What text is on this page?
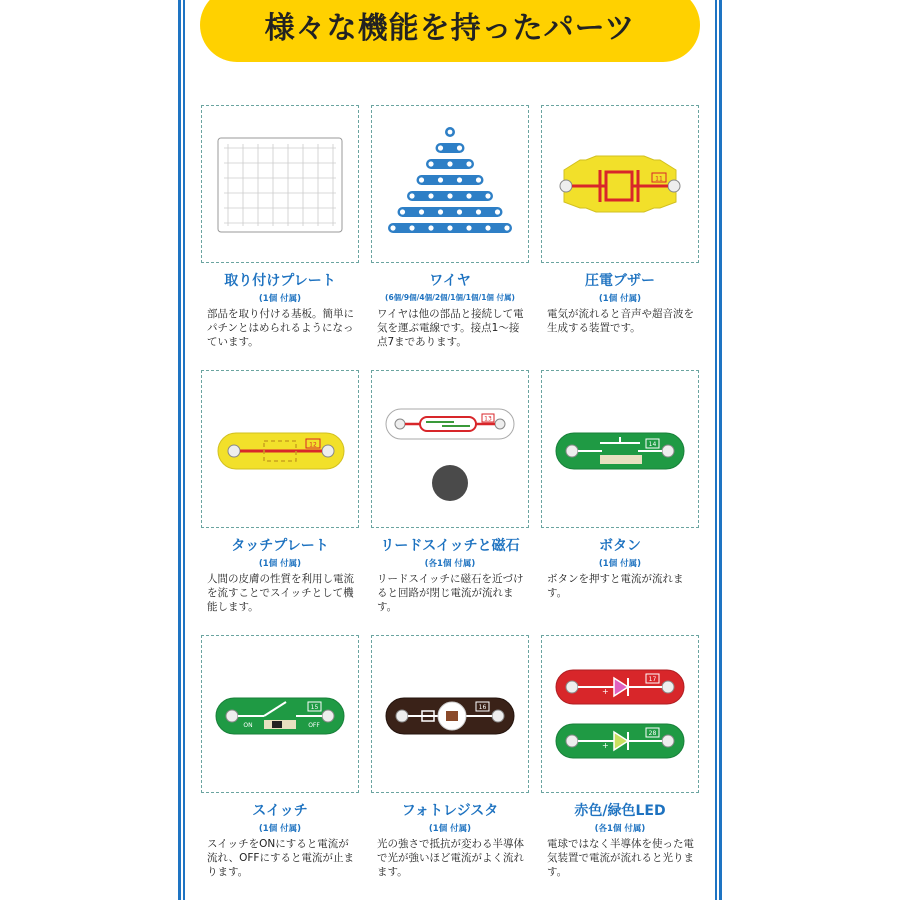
様々な機能を持ったパーツ
取り付けプレート
(1個 付属)
部品を取り付ける基板。簡単にパチンとはめられるようになっています。
ワイヤ
(6個/9個/4個/2個/1個/1個/1個 付属)
ワイヤは他の部品と接続して電気を運ぶ電線です。接点1〜接点7まであります。
11
圧電ブザー
(1個 付属)
電気が流れると音声や超音波を生成する装置です。
12
タッチプレート
(1個 付属)
人間の皮膚の性質を利用し電流を流すことでスイッチとして機能します。
13
リードスイッチと磁石
(各1個 付属)
リードスイッチに磁石を近づけると回路が閉じ電流が流れます。
14
ボタン
(1個 付属)
ボタンを押すと電流が流れます。
ON	OFF
15
スイッチ
(1個 付属)
スイッチをONにすると電流が流れ、OFFにすると電流が止まります。
16
フォトレジスタ
(1個 付属)
光の強さで抵抗が変わる半導体で光が強いほど電流がよく流れます。
+
17
+
28
赤色/緑色LED
(各1個 付属)
電球ではなく半導体を使った電気装置で電流が流れると光ります。
